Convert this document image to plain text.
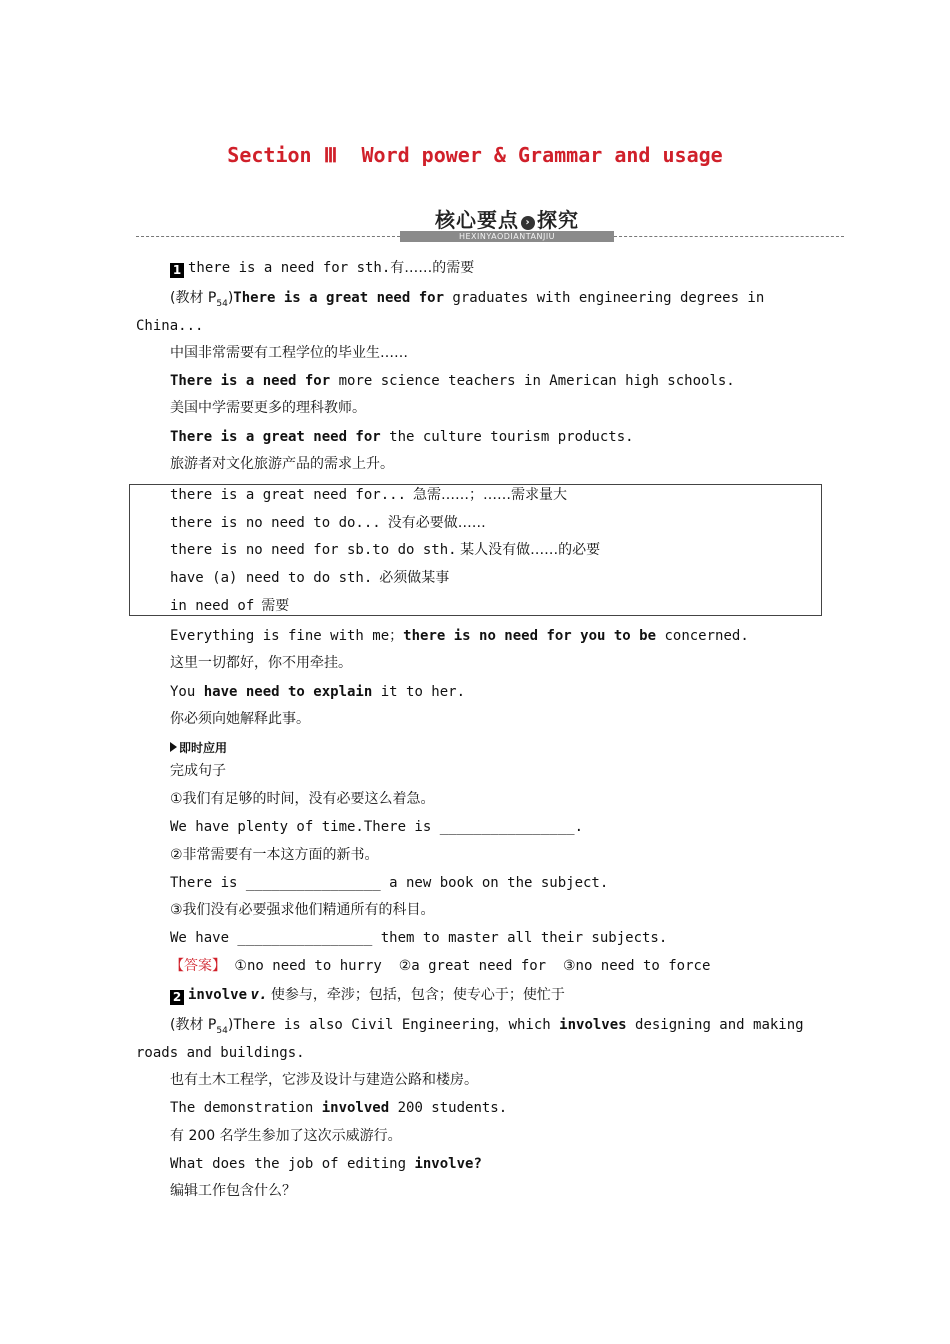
Section Ⅲ  Word power & Grammar and usage
HEXINYAODIANTANJIU
核心要点 › 探究
1 there is a need for sth.有……的需要
(教材 $P_{54})There$ is a great need for graduates with engineering degrees in
China...
中国非常需要有工程学位的毕业生……
There is a need for more science teachers in American high schools.
美国中学需要更多的理科教师。
There is a great need for the culture tourism products.
旅游者对文化旅游产品的需求上升。
there is a great need for... 急需……；……需求量大
there is no need to do... 没有必要做……
there is no need for sb.to do sth. 某人没有做……的必要
have (a) need to do sth. 必须做某事
in need of 需要
Everything is fine with me；there is no need for you to be concerned.
这里一切都好，你不用牵挂。
You have need to explain it to her.
你必须向她解释此事。
即时应用
完成句子
①我们有足够的时间，没有必要这么着急。
We have plenty of time.There is ________________.
②非常需要有一本这方面的新书。
There is ________________ a new book on the subject.
③我们没有必要强求他们精通所有的科目。
We have ________________ them to master all their subjects.
【答案】 ①no need to hurry  ②a great need for  ③no need to force
2 involve v. 使参与，牵涉；包括，包含；使专心于；使忙于
(教材 $P_{54})There$ is also Civil Engineering，which involves designing and making
roads and buildings.
也有土木工程学，它涉及设计与建造公路和楼房。
The demonstration involved 200 students.
有 200 名学生参加了这次示威游行。
What does the job of editing involve?
编辑工作包含什么？
